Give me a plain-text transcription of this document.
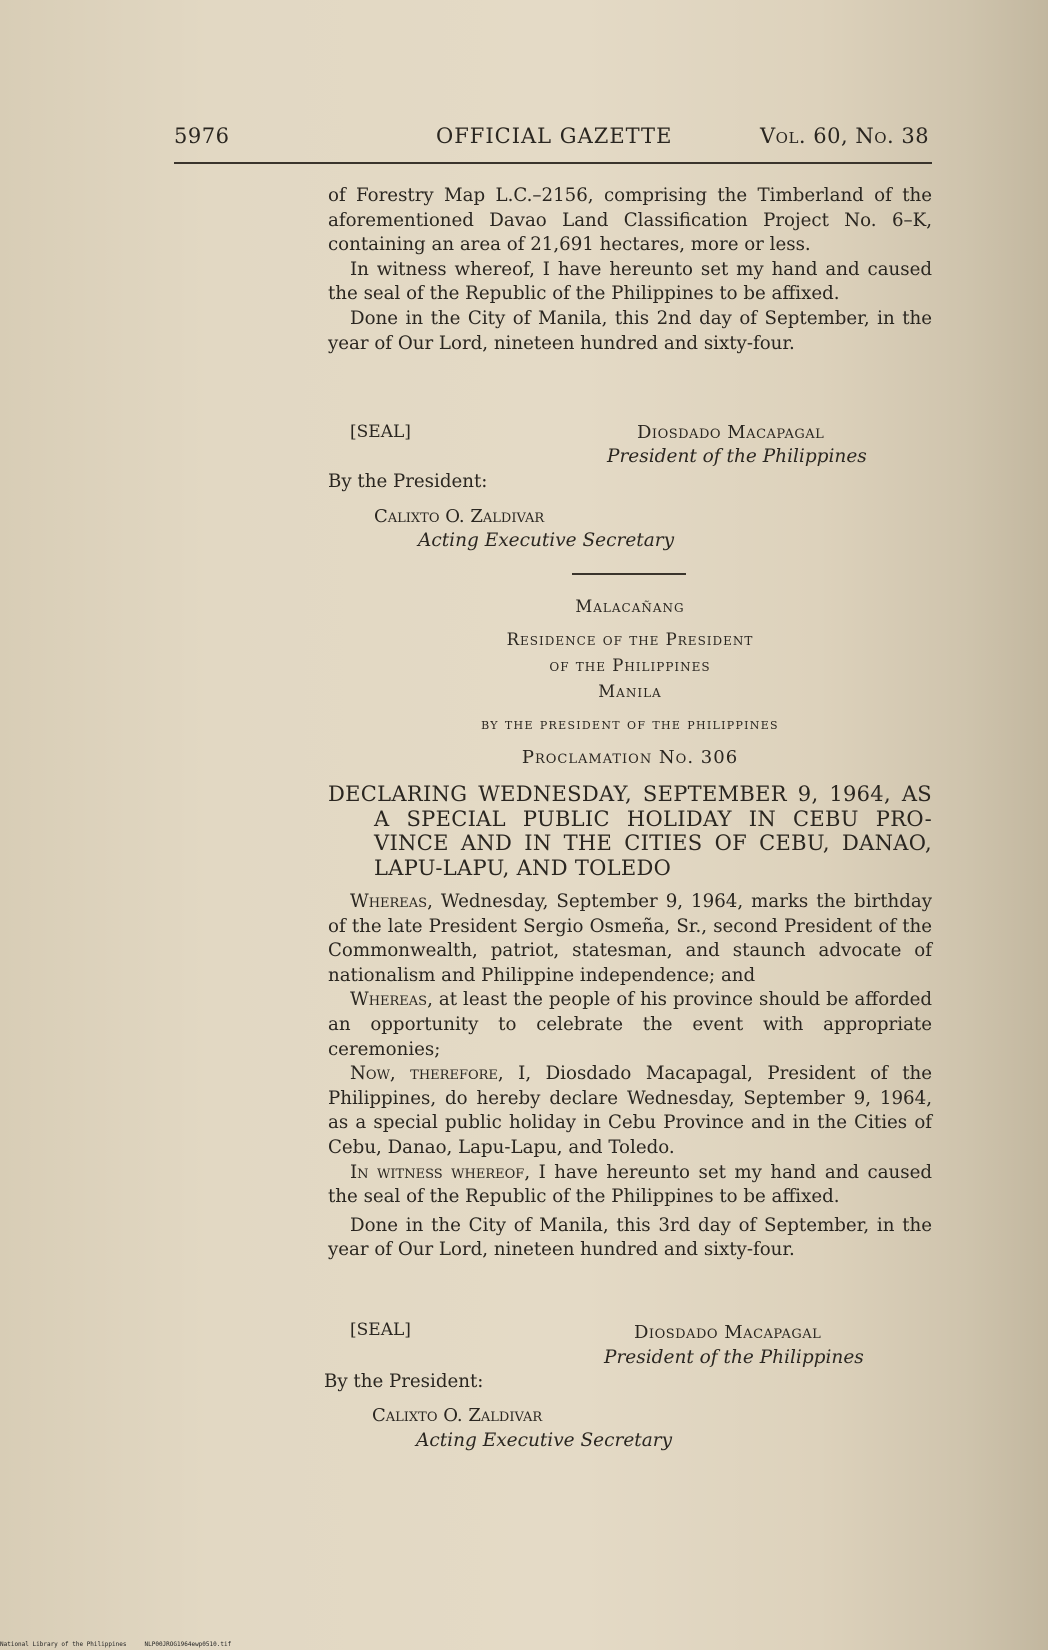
5976	OFFICIAL GAZETTE	Vol. 60, No. 38

of Forestry Map L.C.–2156, comprising the Timberland of the aforementioned Davao Land Classification Project No. 6–K, containing an area of 21,691 hectares, more or less.

In witness whereof, I have hereunto set my hand and caused the seal of the Republic of the Philippines to be affixed.

Done in the City of Manila, this 2nd day of September, in the year of Our Lord, nineteen hundred and sixty-four.

[SEAL]	Diosdado Macapagal
President of the Philippines
By the President:
Calixto O. Zaldivar
Acting Executive Secretary
Malacañang
Residence of the President
of the Philippines
Manila
by the president of the philippines
Proclamation No. 306
DECLARING WEDNESDAY, SEPTEMBER 9, 1964, AS
A SPECIAL PUBLIC HOLIDAY IN CEBU PRO-
VINCE AND IN THE CITIES OF CEBU, DANAO,
LAPU-LAPU, AND TOLEDO

Whereas, Wednesday, September 9, 1964, marks the birthday of the late President Sergio Osmeña, Sr., second President of the Commonwealth, patriot, statesman, and staunch advocate of nationalism and Philippine independence; and

Whereas, at least the people of his province should be afforded an opportunity to celebrate the event with appropriate ceremonies;

Now, therefore, I, Diosdado Macapagal, President of the Philippines, do hereby declare Wednesday, September 9, 1964, as a special public holiday in Cebu Province and in the Cities of Cebu, Danao, Lapu-Lapu, and Toledo.

In witness whereof, I have hereunto set my hand and caused the seal of the Republic of the Philippines to be affixed.

Done in the City of Manila, this 3rd day of September, in the year of Our Lord, nineteen hundred and sixty-four.

[SEAL]	Diosdado Macapagal
President of the Philippines
By the President:
Calixto O. Zaldivar
Acting Executive Secretary
National Library of the Philippines	NLP00JROG1964ewp0510.tif
